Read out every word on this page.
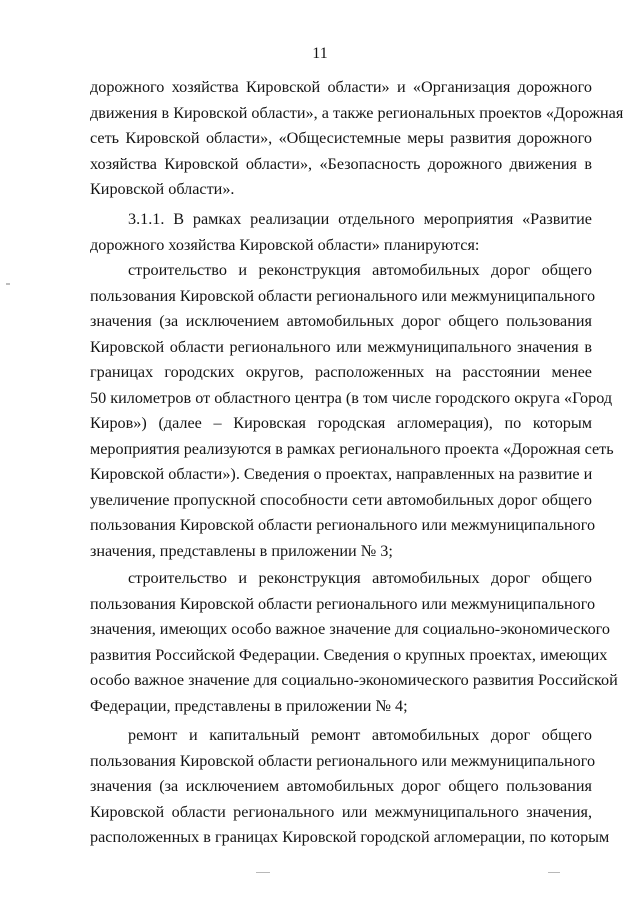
11
дорожного хозяйства Кировской области» и «Организация дорожного
движения в Кировской области», а также региональных проектов «Дорожная
сеть Кировской области», «Общесистемные меры развития дорожного
хозяйства Кировской области», «Безопасность дорожного движения в
Кировской области».
3.1.1. В рамках реализации отдельного мероприятия «Развитие
дорожного хозяйства Кировской области» планируются:
строительство и реконструкция автомобильных дорог общего
пользования Кировской области регионального или межмуниципального
значения (за исключением автомобильных дорог общего пользования
Кировской области регионального или межмуниципального значения в
границах городских округов, расположенных на расстоянии менее
50 километров от областного центра (в том числе городского округа «Город
Киров») (далее – Кировская городская агломерация), по которым
мероприятия реализуются в рамках регионального проекта «Дорожная сеть
Кировской области»). Сведения о проектах, направленных на развитие и
увеличение пропускной способности сети автомобильных дорог общего
пользования Кировской области регионального или межмуниципального
значения, представлены в приложении № 3;
строительство и реконструкция автомобильных дорог общего
пользования Кировской области регионального или межмуниципального
значения, имеющих особо важное значение для социально-экономического
развития Российской Федерации. Сведения о крупных проектах, имеющих
особо важное значение для социально-экономического развития Российской
Федерации, представлены в приложении № 4;
ремонт и капитальный ремонт автомобильных дорог общего
пользования Кировской области регионального или межмуниципального
значения (за исключением автомобильных дорог общего пользования
Кировской области регионального или межмуниципального значения,
расположенных в границах Кировской городской агломерации, по которым
